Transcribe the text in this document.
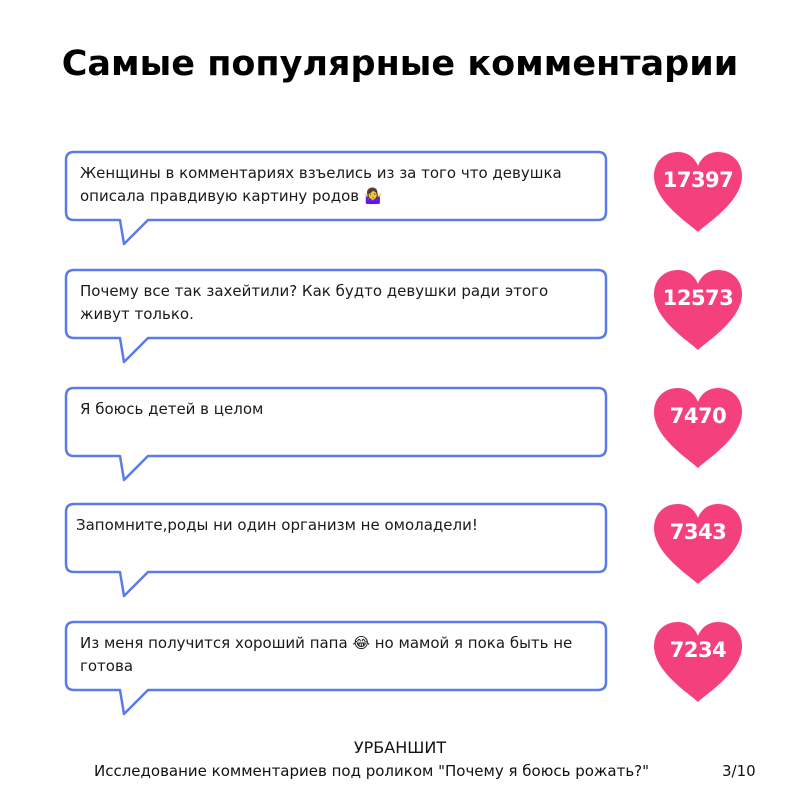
Самые популярные комментарии
Женщины в комментариях взъелись из за того что девушка описала правдивую картину родов 🤷‍♀️
17397
Почему все так захейтили? Как будто девушки ради этого живут только.
12573
Я боюсь детей в целом	7470
Запомните,роды ни один организм не омоладели!	7343
Из меня получится хороший папа 😂 но мамой я пока быть не готова
7234
УРБАНШИТ
Исследование комментариев под роликом "Почему я боюсь рожать?"	3/10
